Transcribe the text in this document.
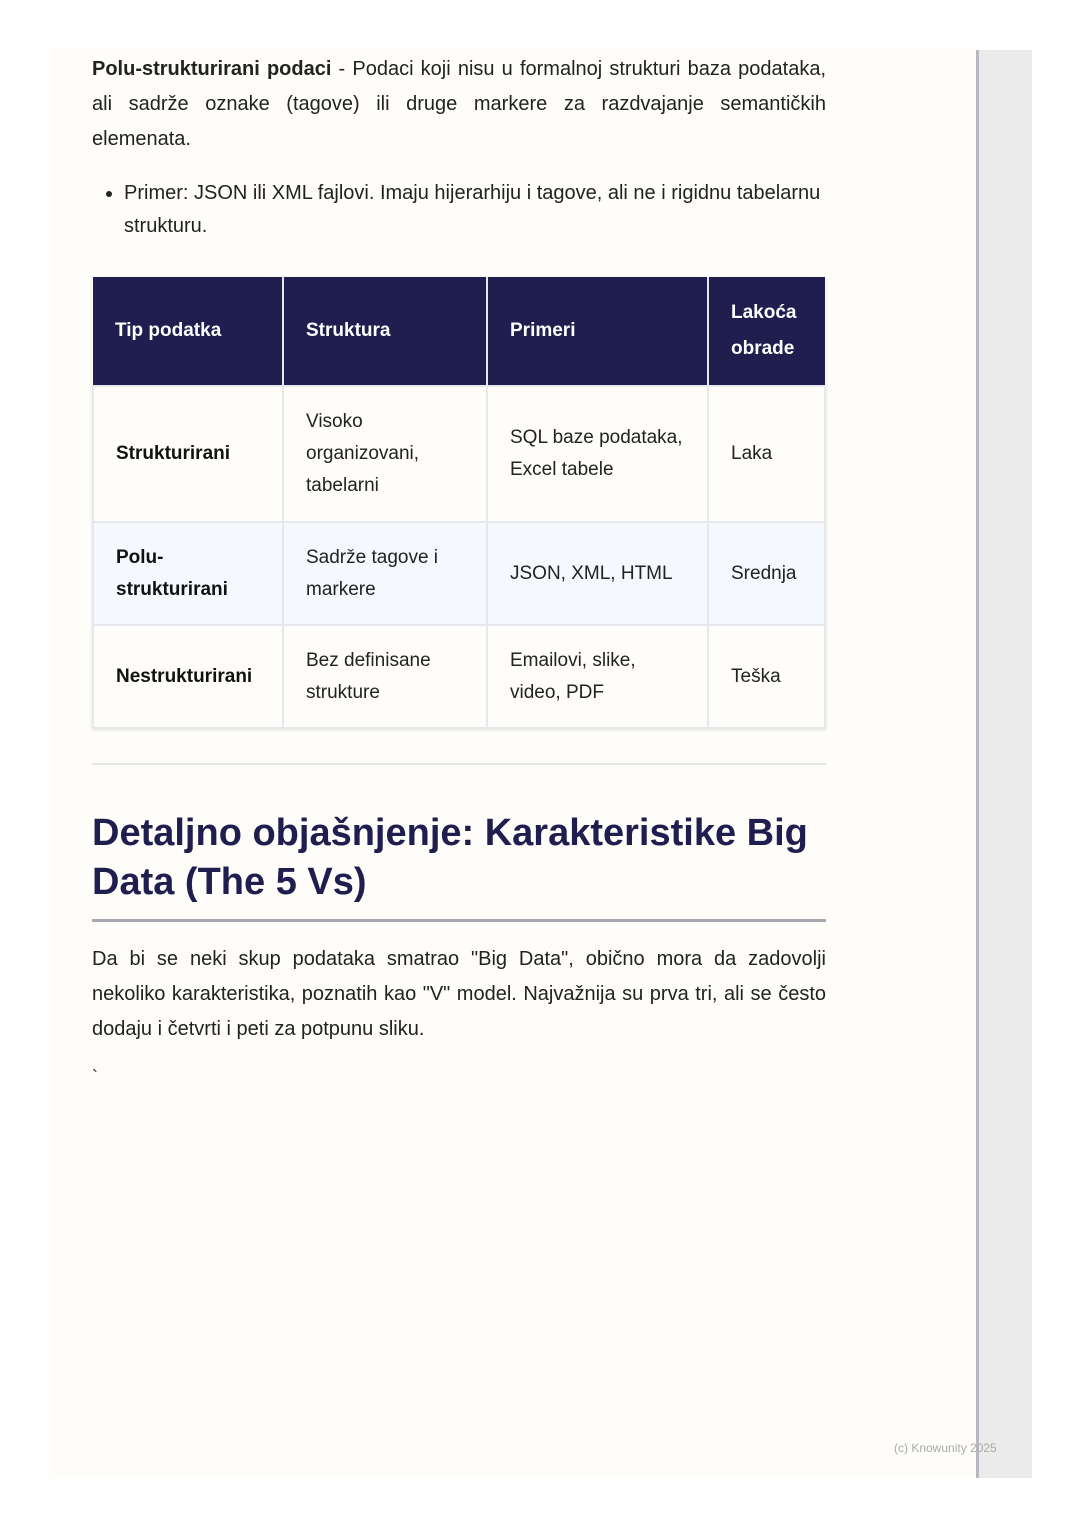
Polu-strukturirani podaci - Podaci koji nisu u formalnoj strukturi baza podataka, ali sadrže oznake (tagove) ili druge markere za razdvajanje semantičkih elemenata.

• Primer: JSON ili XML fajlovi. Imaju hijerarhiju i tagove, ali ne i rigidnu tabelarnu strukturu.
Tip podatka	Struktura	Primeri	Lakoća obrade
Strukturirani	Visoko organizovani, tabelarni	SQL baze podataka, Excel tabele	Laka
Polu-strukturirani	Sadrže tagove i markere	JSON, XML, HTML	Srednja
Nestrukturirani	Bez definisane strukture	Emailovi, slike, video, PDF	Teška
Detaljno objašnjenje: Karakteristike Big Data (The 5 Vs)

Da bi se neki skup podataka smatrao "Big Data", obično mora da zadovolji nekoliko karakteristika, poznatih kao "V" model. Najvažnija su prva tri, ali se često dodaju i četvrti i peti za potpunu sliku.

`
(c) Knowunity 2025
